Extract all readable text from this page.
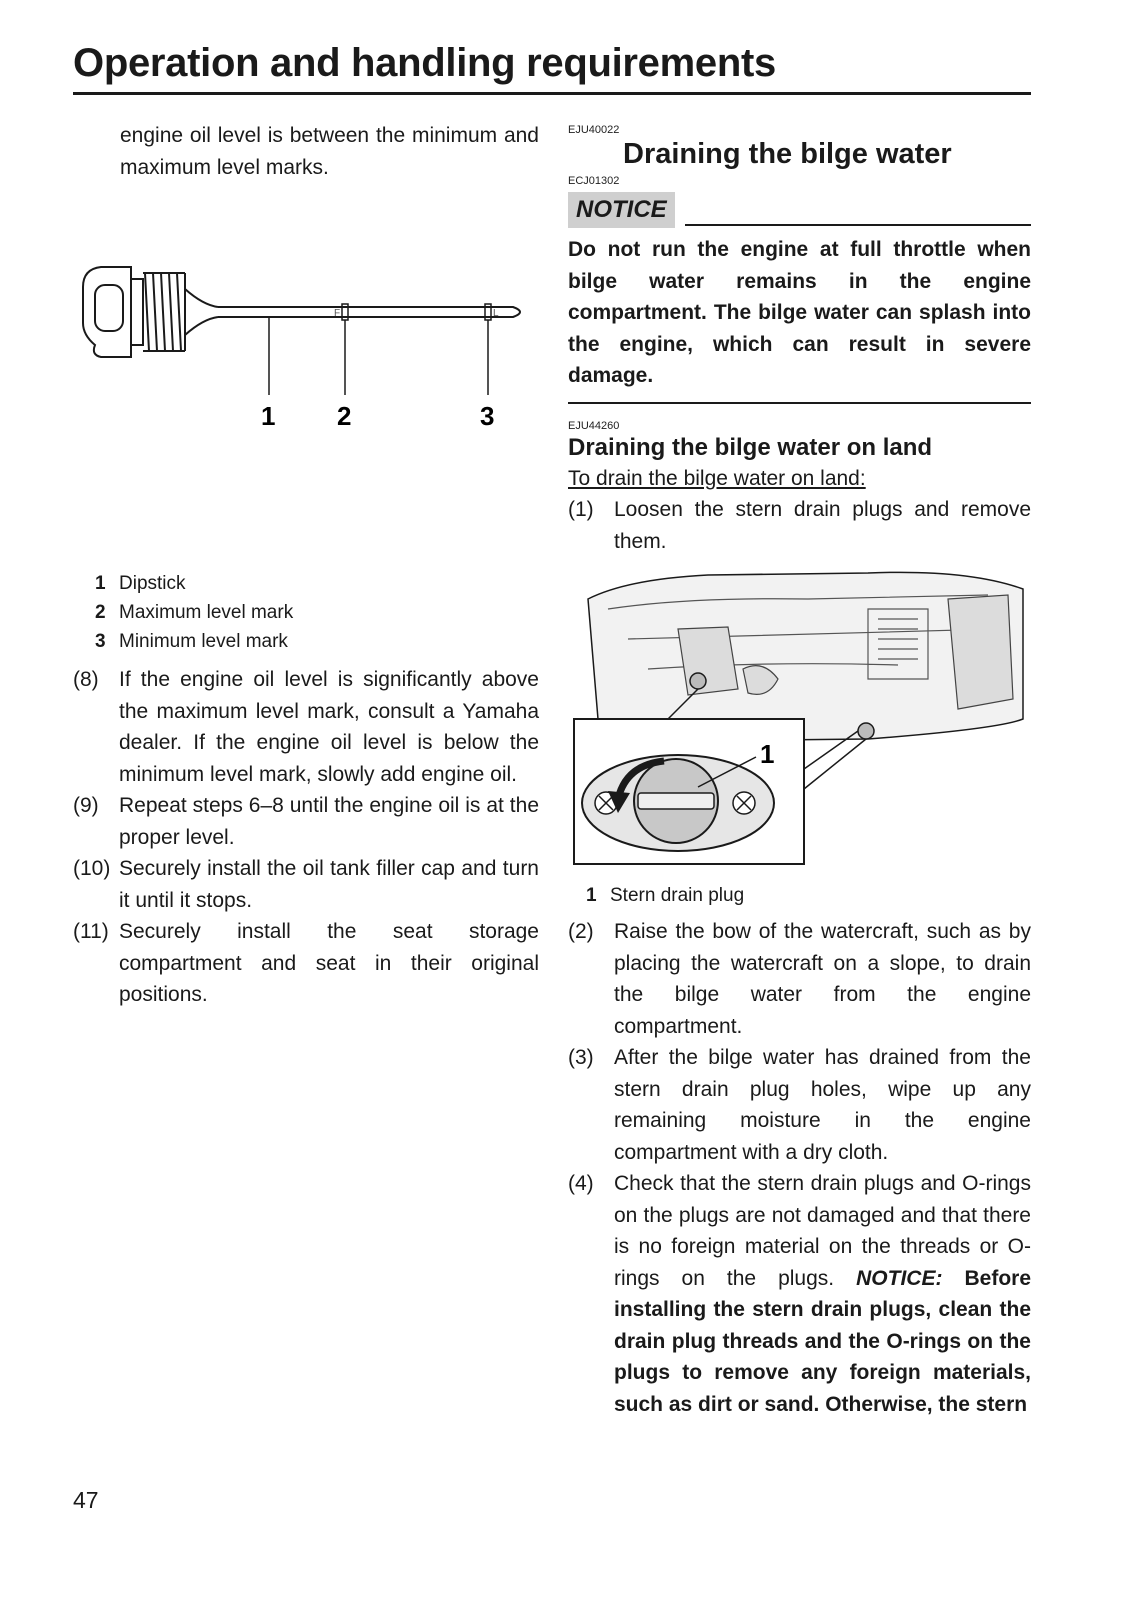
Operation and handling requirements

engine oil level is between the minimum and maximum level marks.

F	L
1 2	3
1 Dipstick
2 Maximum level mark
3 Minimum level mark
(8) If the engine oil level is significantly above the maximum level mark, consult a Yamaha dealer. If the engine oil level is below the minimum level mark, slowly add engine oil.
(9) Repeat steps 6–8 until the engine oil is at the proper level.
(10) Securely install the oil tank filler cap and turn it until it stops.
(11) Securely install the seat storage compartment and seat in their original positions.

EJU40022

Draining the bilge water

ECJ01302

NOTICE

Do not run the engine at full throttle when bilge water remains in the engine compartment. The bilge water can splash into the engine, which can result in severe damage.

EJU44260

Draining the bilge water on land

To drain the bilge water on land:

(1) Loosen the stern drain plugs and remove them.
1
1 Stern drain plug
(2) Raise the bow of the watercraft, such as by placing the watercraft on a slope, to drain the bilge water from the engine compartment.
(3) After the bilge water has drained from the stern drain plug holes, wipe up any remaining moisture in the engine compartment with a dry cloth.
(4) Check that the stern drain plugs and O-rings on the plugs are not damaged and that there is no foreign material on the threads or O-rings on the plugs. NOTICE: Before installing the stern drain plugs, clean the drain plug threads and the O-rings on the plugs to remove any foreign materials, such as dirt or sand. Otherwise, the stern
47
